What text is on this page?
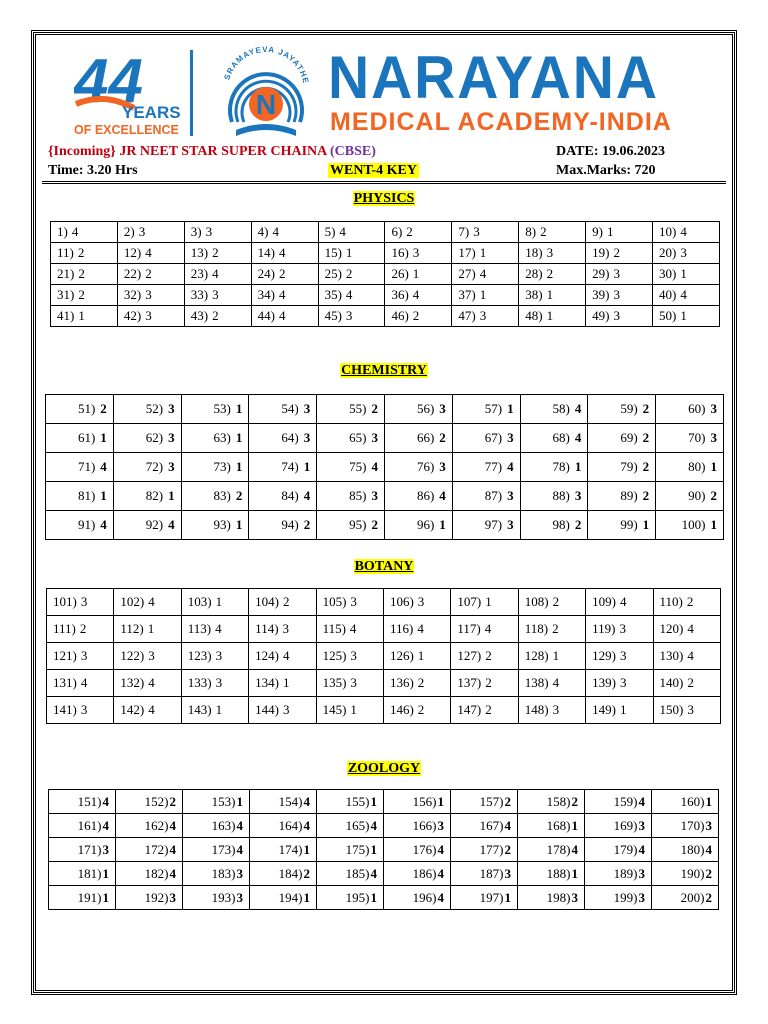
44
YEARS
OF EXCELLENCE
SRAMAYEVA JAYATHE
N NARAYANA
MEDICAL ACADEMY-INDIA
{Incoming} JR NEET STAR SUPER CHAINA (CBSE)	DATE: 19.06.2023
Time: 3.20 Hrs	WENT-4 KEY	Max.Marks: 720
PHYSICS
CHEMISTRY
BOTANY
ZOOLOGY
1) 4	2) 3	3) 3	4) 4	5) 4	6) 2	7) 3	8) 2	9) 1	10) 4
11) 2	12) 4	13) 2	14) 4	15) 1	16) 3	17) 1	18) 3	19) 2	20) 3
21) 2	22) 2	23) 4	24) 2	25) 2	26) 1	27) 4	28) 2	29) 3	30) 1
31) 2	32) 3	33) 3	34) 4	35) 4	36) 4	37) 1	38) 1	39) 3	40) 4
41) 1	42) 3	43) 2	44) 4	45) 3	46) 2	47) 3	48) 1	49) 3	50) 1
51) 2	52) 3	53) 1	54) 3	55) 2	56) 3	57) 1	58) 4	59) 2	60) 3
61) 1	62) 3	63) 1	64) 3	65) 3	66) 2	67) 3	68) 4	69) 2	70) 3
71) 4	72) 3	73) 1	74) 1	75) 4	76) 3	77) 4	78) 1	79) 2	80) 1
81) 1	82) 1	83) 2	84) 4	85) 3	86) 4	87) 3	88) 3	89) 2	90) 2
91) 4	92) 4	93) 1	94) 2	95) 2	96) 1	97) 3	98) 2	99) 1	100) 1
101) 3	102) 4	103) 1	104) 2	105) 3	106) 3	107) 1	108) 2	109) 4	110) 2
111) 2	112) 1	113) 4	114) 3	115) 4	116) 4	117) 4	118) 2	119) 3	120) 4
121) 3	122) 3	123) 3	124) 4	125) 3	126) 1	127) 2	128) 1	129) 3	130) 4
131) 4	132) 4	133) 3	134) 1	135) 3	136) 2	137) 2	138) 4	139) 3	140) 2
141) 3	142) 4	143) 1	144) 3	145) 1	146) 2	147) 2	148) 3	149) 1	150) 3
151)4	152)2	153)1	154)4	155)1	156)1	157)2	158)2	159)4	160)1
161)4	162)4	163)4	164)4	165)4	166)3	167)4	168)1	169)3	170)3
171)3	172)4	173)4	174)1	175)1	176)4	177)2	178)4	179)4	180)4
181)1	182)4	183)3	184)2	185)4	186)4	187)3	188)1	189)3	190)2
191)1	192)3	193)3	194)1	195)1	196)4	197)1	198)3	199)3	200)2
